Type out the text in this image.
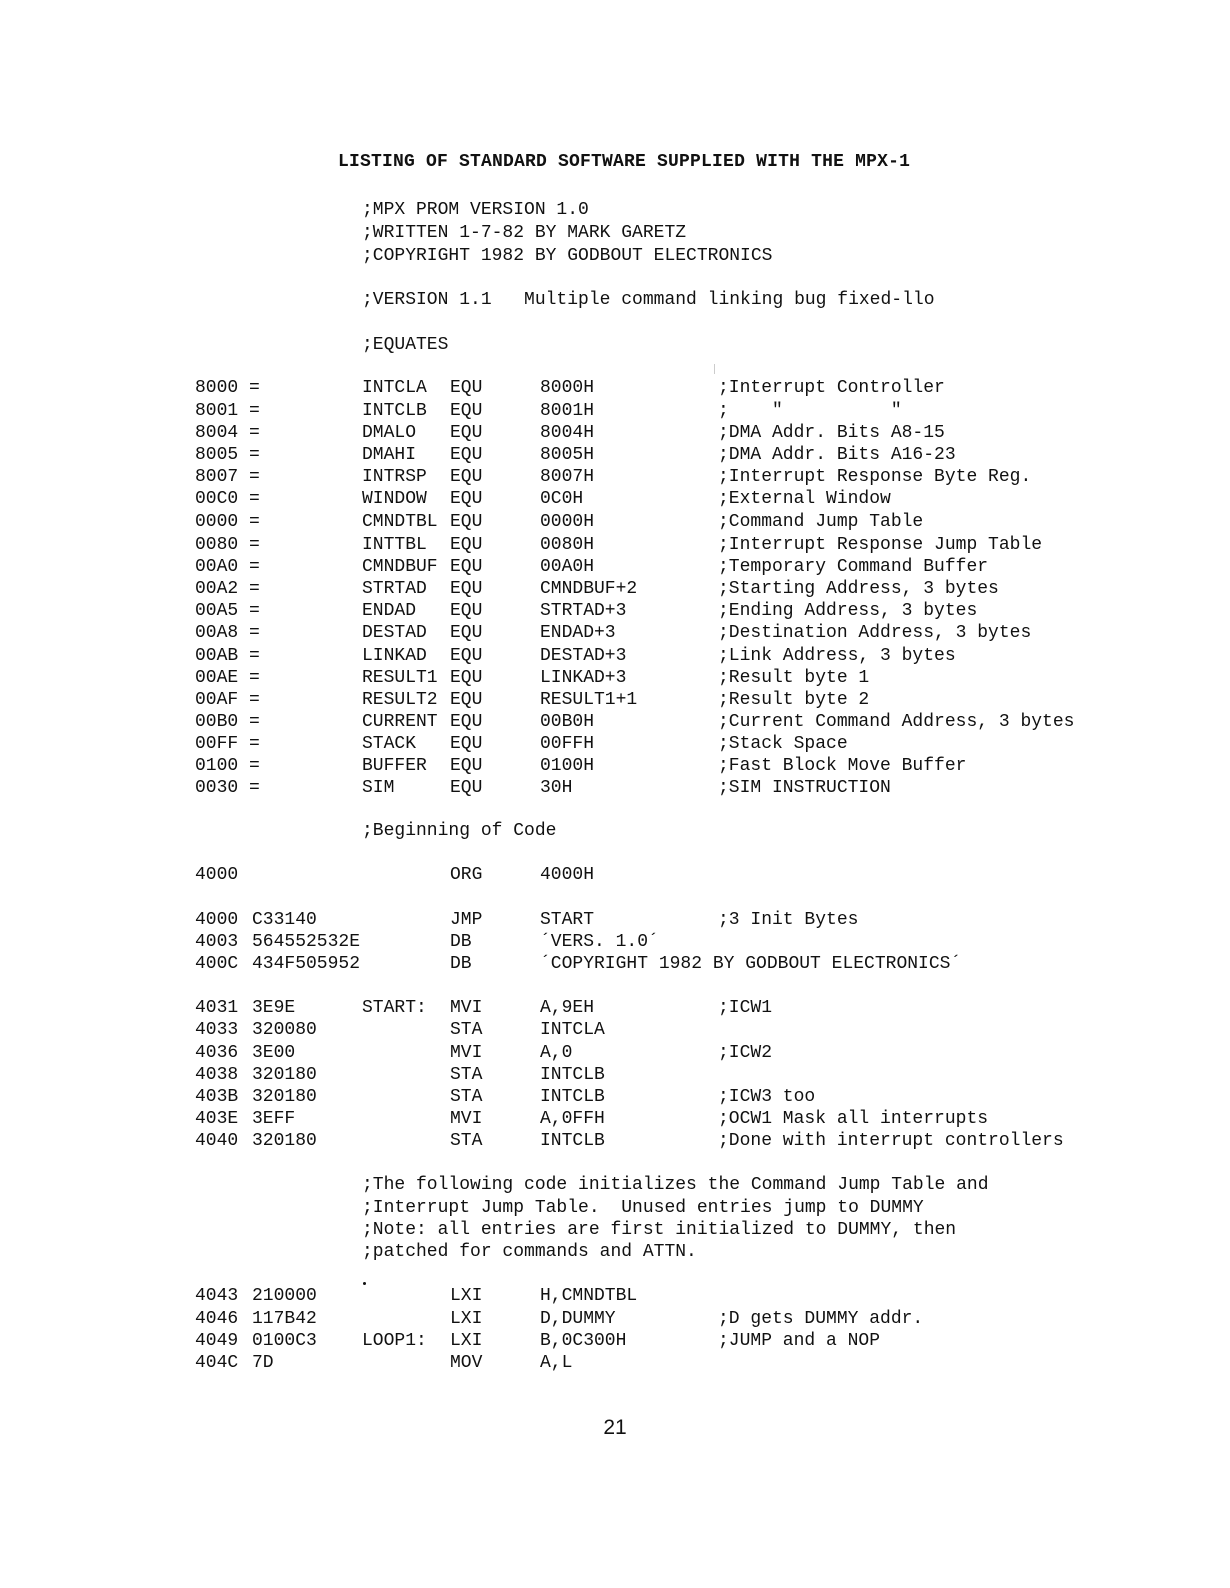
LISTING OF STANDARD SOFTWARE SUPPLIED WITH THE MPX-1
;MPX PROM VERSION 1.0
;WRITTEN 1-7-82 BY MARK GARETZ
;COPYRIGHT 1982 BY GODBOUT ELECTRONICS
;VERSION 1.1   Multiple command linking bug fixed-llo
;EQUATES
8000 =	INTCLA EQU	8000H	;Interrupt Controller
8001 =	INTCLB EQU	8001H	;    "          "
8004 =	DMALO EQU	8004H	;DMA Addr. Bits A8-15
8005 =	DMAHI EQU	8005H	;DMA Addr. Bits A16-23
8007 =	INTRSP EQU	8007H	;Interrupt Response Byte Reg.
00C0 =	WINDOW EQU	0C0H	;External Window
0000 =	CMNDTBL EQU	0000H	;Command Jump Table
0080 =	INTTBL EQU	0080H	;Interrupt Response Jump Table
00A0 =	CMNDBUF EQU	00A0H	;Temporary Command Buffer
00A2 =	STRTAD EQU	CMNDBUF+2	;Starting Address, 3 bytes
00A5 =	ENDAD EQU	STRTAD+3	;Ending Address, 3 bytes
00A8 =	DESTAD EQU	ENDAD+3	;Destination Address, 3 bytes
00AB =	LINKAD EQU	DESTAD+3	;Link Address, 3 bytes
00AE =	RESULT1 EQU	LINKAD+3	;Result byte 1
00AF =	RESULT2 EQU	RESULT1+1	;Result byte 2
00B0 =	CURRENT EQU	00B0H	;Current Command Address, 3 bytes
00FF =	STACK EQU	00FFH	;Stack Space
0100 =	BUFFER EQU	0100H	;Fast Block Move Buffer
0030 =	SIM	EQU	30H	;SIM INSTRUCTION
;Beginning of Code
4000	ORG	4000H
4000 C33140	JMP	START	;3 Init Bytes
4003 564552532E	DB	´VERS. 1.0´
400C 434F505952	DB	´COPYRIGHT 1982 BY GODBOUT ELECTRONICS´
4031 3E9E	START: MVI	A,9EH	;ICW1
4033 320080	STA	INTCLA
4036 3E00	MVI	A,0	;ICW2
4038 320180	STA	INTCLB
403B 320180	STA	INTCLB	;ICW3 too
403E 3EFF	MVI	A,0FFH	;OCW1 Mask all interrupts
4040 320180	STA	INTCLB	;Done with interrupt controllers
;The following code initializes the Command Jump Table and
;Interrupt Jump Table.  Unused entries jump to DUMMY
;Note: all entries are first initialized to DUMMY, then
;patched for commands and ATTN.
4043 210000	LXI	H,CMNDTBL
4046 117B42	LXI	D,DUMMY	;D gets DUMMY addr.
4049 0100C3	LOOP1: LXI	B,0C300H	;JUMP and a NOP
404C 7D	MOV	A,L
21
